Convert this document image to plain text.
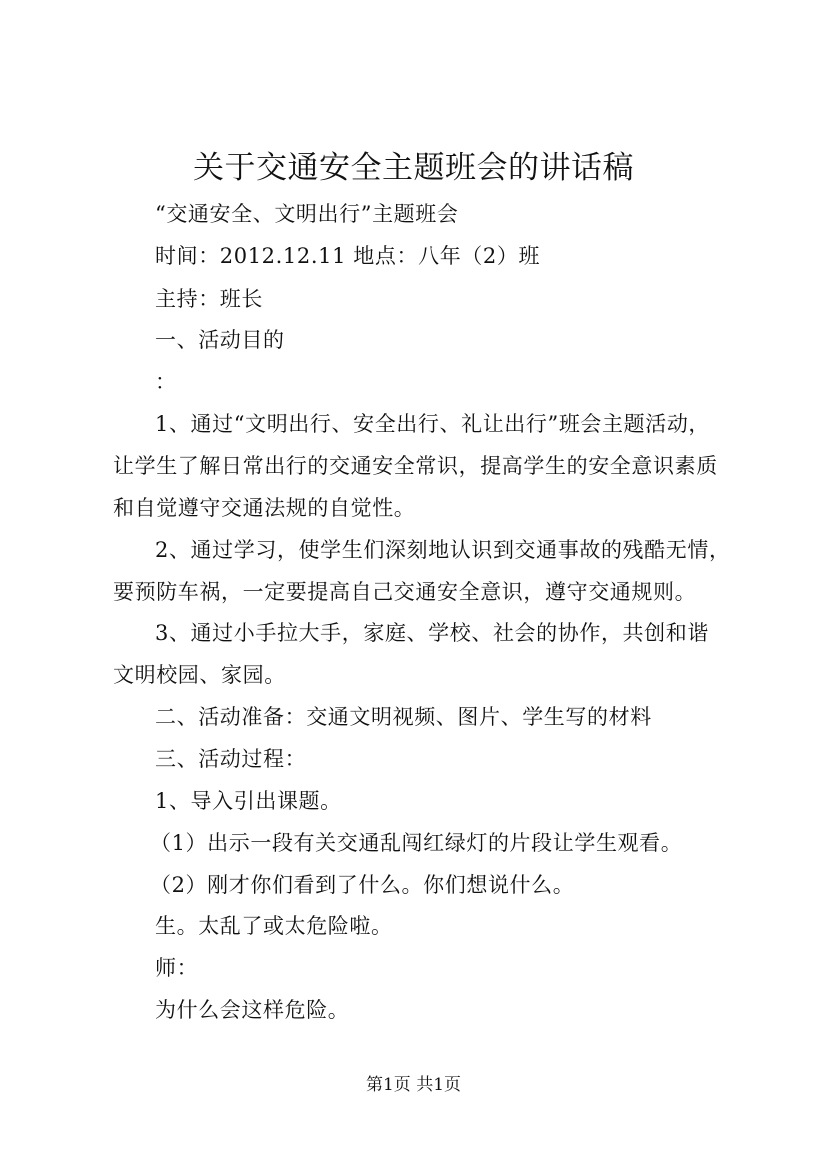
关于交通安全主题班会的讲话稿
“交通安全、文明出行”主题班会
时间：2012.12.11 地点：八年（2）班
主持：班长
一、活动目的
：
1、通过“文明出行、安全出行、礼让出行”班会主题活动，
让学生了解日常出行的交通安全常识，提高学生的安全意识素质
和自觉遵守交通法规的自觉性。
2、通过学习，使学生们深刻地认识到交通事故的残酷无情，
要预防车祸，一定要提高自己交通安全意识，遵守交通规则。
3、通过小手拉大手，家庭、学校、社会的协作，共创和谐
文明校园、家园。
二、活动准备：交通文明视频、图片、学生写的材料
三、活动过程：
1、导入引出课题。
（1）出示一段有关交通乱闯红绿灯的片段让学生观看。
（2）刚才你们看到了什么。你们想说什么。
生。太乱了或太危险啦。
师：
为什么会这样危险。
第1页 共1页
